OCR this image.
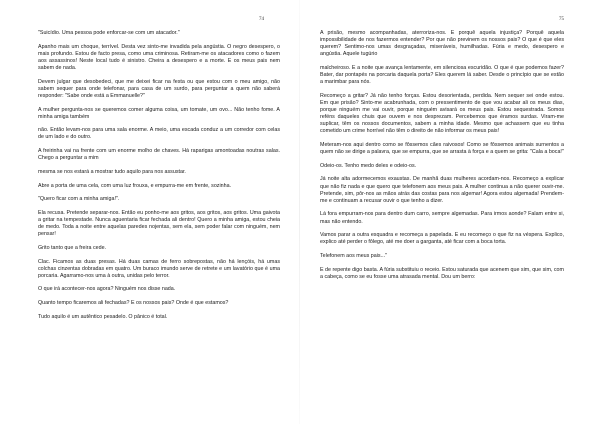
74

"Suicídio. Uma pessoa pode enforcar-se com um atacador."

Apanho mais um choque, terrível. Desta vez sinto-me invadida pela angústia. O negro desespero, o mais profundo. Estou de facto presa, como uma criminosa. Retiram-me os atacadores como o fazem aos assassinos! Neste local tudo é sinistro. Cheira a desespero e a morte. E os meus pais nem sabem de nada.

Devem julgar que desobedeci, que me deixei ficar na festa ou que estou com o meu amigo, não sabem sequer para onde telefonar, para casa de um surdo, para perguntar a quem não saberá responder: "Sabe onde está a Emmanuelle?"

A mulher pergunta-nos se queremos comer alguma coisa, um tomate, um ovo... Não tenho fome. A minha amiga também

não. Então levam-nos para uma sala enorme. A meio, uma escada conduz a um corredor com celas de um lado e do outro.

A freirinha vai na frente com um enorme molho de chaves. Há raparigas amontoadas noutras salas. Chego a perguntar a mim

mesma se nos estará a mostrar tudo aquilo para nos assustar.

Abre a porta de uma cela, com uma luz frouxa, e empurra-me em frente, sozinha.

"Quero ficar com a minha amiga!".

Ela recusa. Pretende separar-nos. Então eu ponho-me aos gritos, aos gritos, aos gritos. Uma gaivota a gritar na tempestade. Nunca aguentaria ficar fechada ali dentro! Quero a minha amiga, estou cheia de medo. Toda a noite entre aquelas paredes nojentas, sem ela, sem poder falar com ninguém, nem pensar!

Grito tanto que a freira cede.

Clac. Ficamos as duas presas. Há duas camas de ferro sobrepostas, não há lençóis, há umas colchas cinzentas dobradas em quatro. Um buraco imundo serve de retrete e um lavatório que é uma porcaria. Agarramo-nos uma à outra, unidas pelo terror.

O que irá acontecer-nos agora? Ninguém nos disse nada.

Quanto tempo ficaremos ali fechadas? E os nossos pais? Onde é que estamos?

Tudo aquilo é um autêntico pesadelo. O pânico é total.

75

A prisão, mesmo acompanhadas, aterroriza-nos. E porquê aquela injustiça? Porquê aquela impossibilidade de nos fazermos entender? Por que não previnem os nossos pais? O que é que eles querem? Sentimo-nos umas desgraçadas, miseráveis, humilhadas. Fúria e medo, desespero e angústia. Aquele tugúrio

malcheiroso. E a noite que avança lentamente, em silenciosa escuridão. O que é que podemos fazer? Bater, dar pontapés na porcaria daquela porta? Eles querem lá saber. Desde o princípio que se estão a marimbar para nós.

Recomeço a gritar? Já não tenho forças. Estou desorientada, perdida. Nem sequer sei onde estou. Em que prisão? Sinto-me acabrunhada, com o pressentimento de que vou acabar ali os meus dias, porque ninguém me vai ouvir, porque ninguém avisará os meus pais. Estou sequestrada. Somos reféns daqueles chuis que ouvem e nos desprezam. Percebemos que éramos surdas. Viram-me suplicar, têm os nossos documentos, sabem a minha idade. Mesmo que achassem que eu tinha cometido um crime horrível não têm o direito de não informar os meus pais!

Meteram-nos aqui dentro como se fôssemos cães raivosos! Como se fôssemos animais surnentos a quem não se dirige a palavra, que se empurra, que se arrasta à força e a quem se grita: "Cala a boca!"

Odeio-os. Tenho medo deles e odeio-os.

Já noite alta adormecemos exaustas. De manhã duas mulheres acordam-nos. Recomeço a explicar que não fiz nada e que quero que telefonem aos meus pais. A mulher continua a não querer ouvir-me. Pretende, sim, pôr-nos as mãos atrás das costas para nos algemar! Agora estou algemada! Prendem-me e continuam a recusar ouvir o que tenho a dizer.

Lá fora empurram-nos para dentro dum carro, sempre algemadas. Para irmos aonde? Falam entre si, mas não entendo.

Vamos parar a outra esquadra e recomeça a papelada. E eu recomeço o que fiz na véspera. Explico, explico até perder o fôlego, até me doer a garganta, até ficar com a boca torta.

Telefonem aos meus pais..."

E de repente digo basta. A fúria substituiu o receio. Estou saturada que acenem que sim, que sim, com a cabeça, como se eu fosse uma atrasada mental. Dou um berro:
